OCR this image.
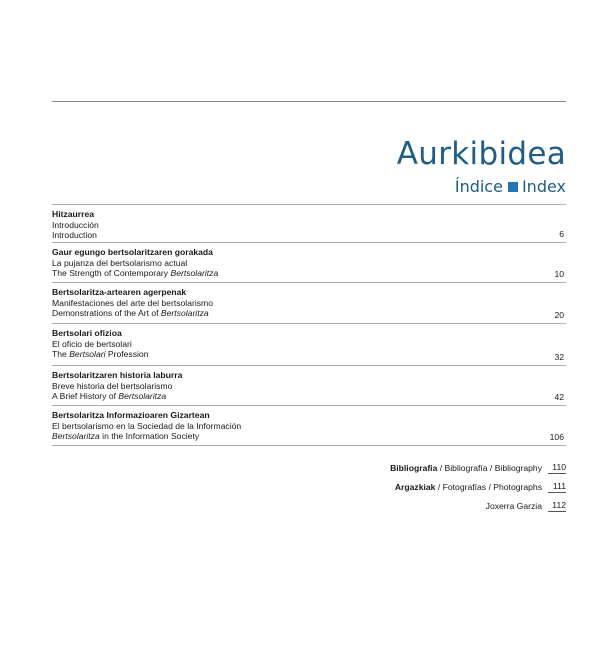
Aurkibidea
Índice Index
Hitzaurrea
Introducción
Introduction	6
Gaur egungo bertsolaritzaren gorakada
La pujanza del bertsolarismo actual
The Strength of Contemporary Bertsolaritza	10
Bertsolaritza-artearen agerpenak
Manifestaciones del arte del bertsolarismo
Demonstrations of the Art of Bertsolaritza	20
Bertsolari ofizioa
El oficio de bertsolari
The Bertsolari Profession	32
Bertsolaritzaren historia laburra
Breve historia del bertsolarismo
A Brief History of Bertsolaritza	42
Bertsolaritza Informazioaren Gizartean
El bertsolarismo en la Sociedad de la Información
Bertsolaritza in the Information Society	106
Bibliografia / Bibliografía / Bibliography	110
Argazkiak / Fotografías / Photographs	111
Joxerra Garzia	112
